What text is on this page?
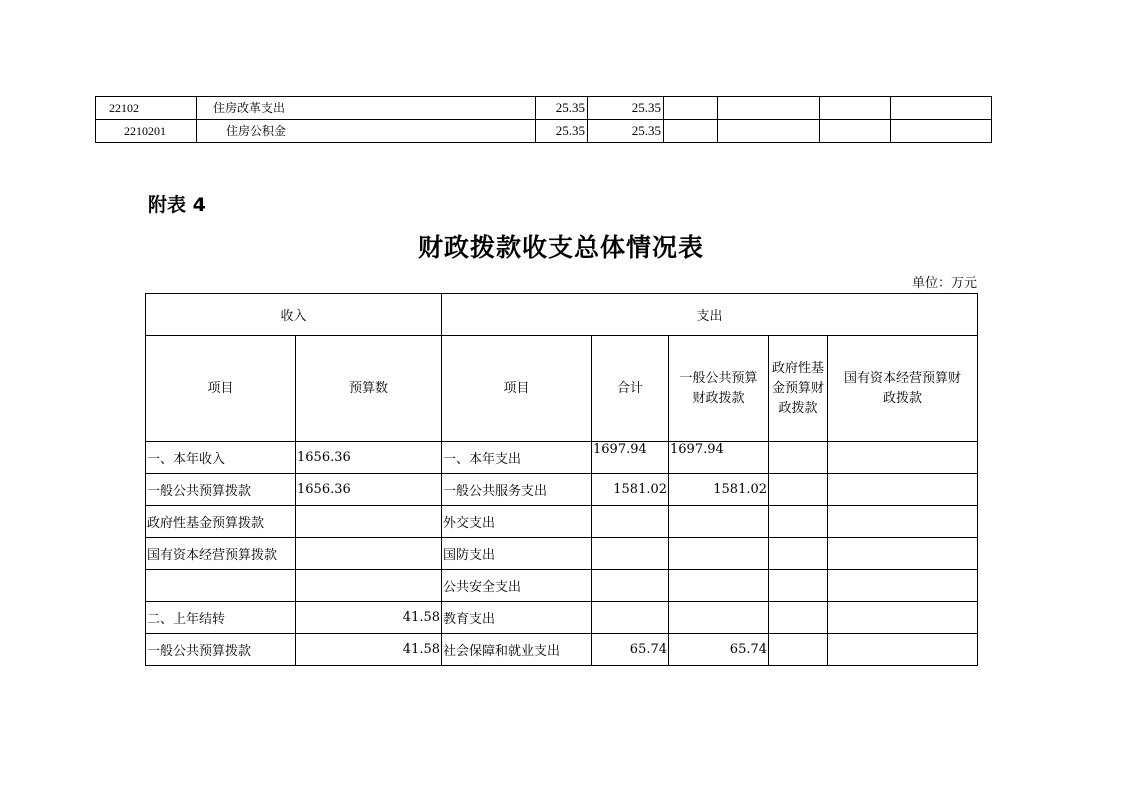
22102	住房改革支出	25.35	25.35				
2210201	住房公积金	25.35	25.35				
附表 4
财政拨款收支总体情况表
单位：万元
收入		支出				
项目	预算数	项目	合计	一般公共预算财政拨款	政府性基金预算财政拨款	国有资本经营预算财政拨款
一、本年收入	1656.36	一、本年支出	1697.94	1697.94		
一般公共预算拨款	1656.36	一般公共服务支出	1581.02	1581.02		
政府性基金预算拨款		外交支出				
国有资本经营预算拨款		国防支出				
		公共安全支出				
二、上年结转	41.58	教育支出				
一般公共预算拨款	41.58	社会保障和就业支出	65.74	65.74		
